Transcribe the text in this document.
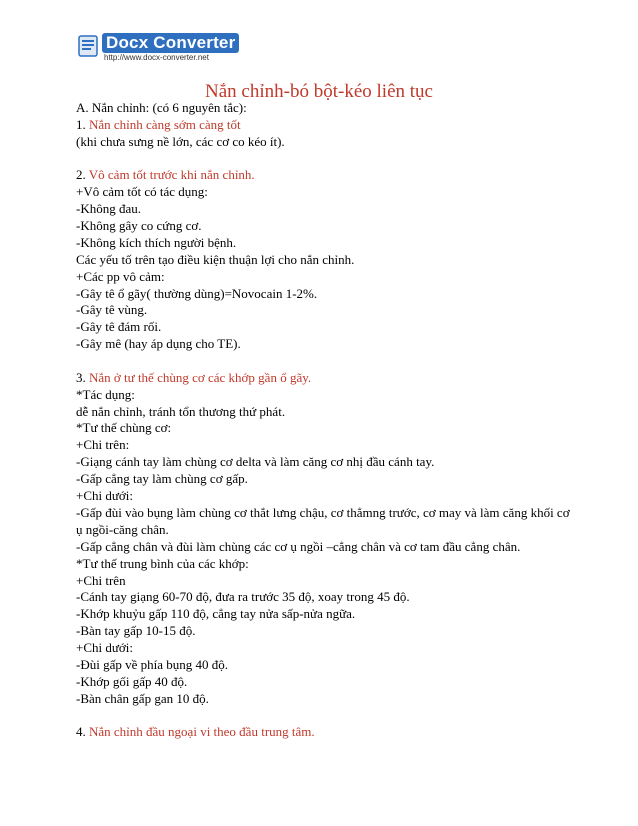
Docx Converter
http://www.docx-converter.net
Nắn chỉnh-bó bột-kéo liên tục
A. Nắn chỉnh: (có 6 nguyên tắc):
1. Nắn chỉnh càng sớm càng tốt
(khi chưa sưng nề lớn, các cơ co kéo ít).
2. Vô cảm tốt trước khi nắn chỉnh.
+Vô cảm tốt có tác dụng:
-Không đau.
-Không gây co cứng cơ.
-Không kích thích người bệnh.
Các yếu tố trên tạo điều kiện thuận lợi cho nắn chỉnh.
+Các pp vô cảm:
-Gây tê ổ gãy( thường dùng)=Novocain 1-2%.
-Gây tê vùng.
-Gây tê đám rối.
-Gây mê (hay áp dụng cho TE).
3. Nắn ở tư thế chùng cơ các khớp gần ổ gãy.
*Tác dụng:
dễ nắn chỉnh, tránh tổn thương thứ phát.
*Tư thế chùng cơ:
+Chi trên:
-Giạng cánh tay làm chùng cơ delta và làm căng cơ nhị đầu cánh tay.
-Gấp cẳng tay làm chùng cơ gấp.
+Chi dưới:
-Gấp đùi vào bụng làm chùng cơ thắt lưng chậu, cơ thẳmng trước, cơ may và làm căng khối cơ ụ ngồi-căng chân.
-Gấp cẳng chân và đùi làm chùng các cơ ụ ngồi –cẳng chân và cơ tam đầu cẳng chân.
*Tư thế trung bình của các khớp:
+Chi trên
-Cánh tay giạng 60-70 độ, đưa ra trước 35 độ, xoay trong 45 độ.
-Khớp khuỷu gấp 110 độ, cẳng tay nửa sấp-nửa ngữa.
-Bàn tay gấp 10-15 độ.
+Chi dưới:
-Đùi gấp về phía bụng 40 độ.
-Khớp gối gấp 40 độ.
-Bàn chân gấp gan 10 độ.
4. Nắn chỉnh đầu ngoại vi theo đầu trung tâm.
